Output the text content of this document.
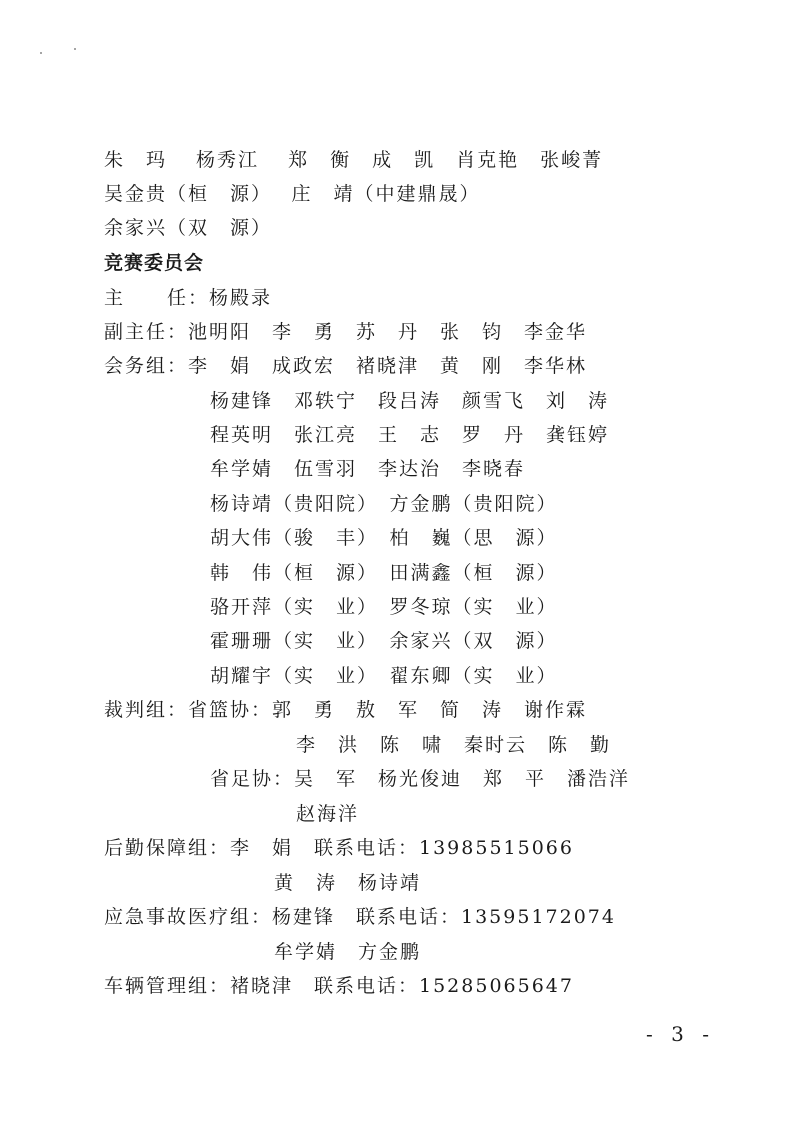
朱　玛　 杨秀江　 郑　衡　成　凯　肖克艳　张峻菁
吴金贵（桓　源）　 庄　靖（中建鼎晟）
余家兴（双　源）
竞赛委员会
主　　任：杨殿录
副主任：池明阳　李　勇　苏　丹　张　钧　李金华
会务组：李　娟　成政宏　褚晓津　黄　刚　李华林
杨建锋　邓轶宁　段吕涛　颜雪飞　刘　涛
程英明　张江亮　王　志　罗　丹　龚钰婷
牟学婧　伍雪羽　李达治　李晓春
杨诗靖（贵阳院）　方金鹏（贵阳院）
胡大伟（骏　丰）　柏　巍（思　源）
韩　伟（桓　源）　田满鑫（桓　源）
骆开萍（实　业）　罗冬琼（实　业）
霍珊珊（实　业）　余家兴（双　源）
胡耀宇（实　业）　翟东卿（实　业）
裁判组：省篮协：郭　勇　敖　军　简　涛　谢作霖
李　洪　陈　啸　秦时云　陈　勤
省足协：吴　军　杨光俊迪　郑　平　潘浩洋
赵海洋
后勤保障组：李　娟　联系电话：13985515066
黄　涛　杨诗靖
应急事故医疗组：杨建锋　联系电话：13595172074
牟学婧　方金鹏
车辆管理组：褚晓津　联系电话：15285065647
- 3 -
